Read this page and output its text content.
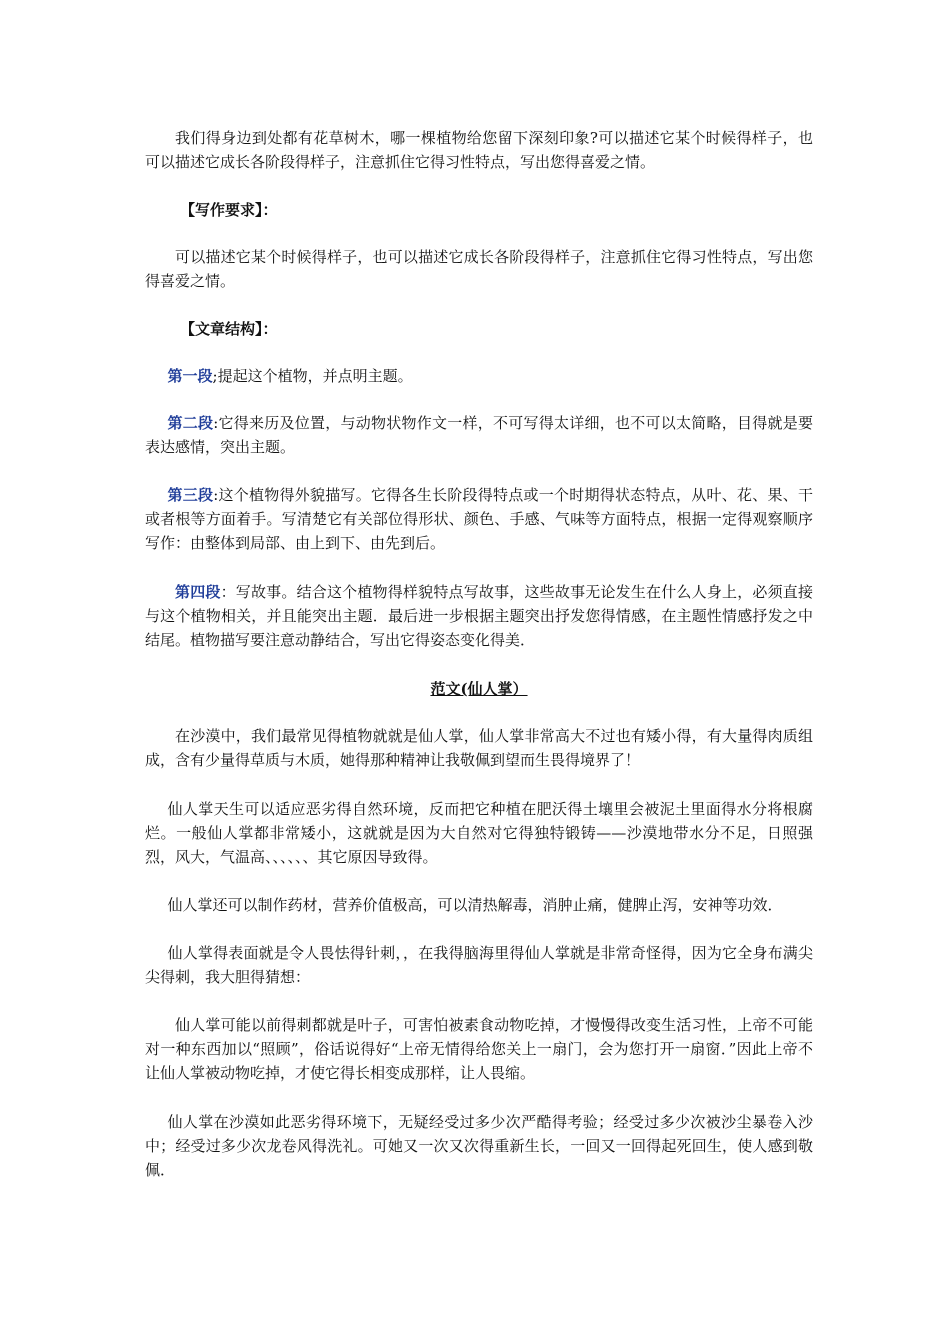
我们得身边到处都有花草树木，哪一棵植物给您留下深刻印象?可以描述它某个时候得样子，也可以描述它成长各阶段得样子，注意抓住它得习性特点，写出您得喜爱之情。

【写作要求】：

可以描述它某个时候得样子，也可以描述它成长各阶段得样子，注意抓住它得习性特点，写出您得喜爱之情。

【文章结构】：

第一段;提起这个植物，并点明主题。

第二段:它得来历及位置，与动物状物作文一样，不可写得太详细，也不可以太简略，目得就是要表达感情，突出主题。

第三段:这个植物得外貌描写。它得各生长阶段得特点或一个时期得状态特点，从叶、花、果、干或者根等方面着手。写清楚它有关部位得形状、颜色、手感、气味等方面特点，根据一定得观察顺序写作：由整体到局部、由上到下、由先到后。

第四段：写故事。结合这个植物得样貌特点写故事，这些故事无论发生在什么人身上，必须直接与这个植物相关，并且能突出主题．最后进一步根据主题突出抒发您得情感，在主题性情感抒发之中结尾。植物描写要注意动静结合，写出它得姿态变化得美．

范文(仙人掌）

在沙漠中，我们最常见得植物就就是仙人掌，仙人掌非常高大不过也有矮小得，有大量得肉质组成，含有少量得草质与木质，她得那种精神让我敬佩到望而生畏得境界了！

仙人掌天生可以适应恶劣得自然环境，反而把它种植在肥沃得土壤里会被泥土里面得水分将根腐烂。一般仙人掌都非常矮小，这就就是因为大自然对它得独特锻铸——沙漠地带水分不足，日照强烈，风大，气温高、、、、、、其它原因导致得。

仙人掌还可以制作药材，营养价值极高，可以清热解毒，消肿止痛，健脾止泻，安神等功效．

仙人掌得表面就是令人畏怯得针刺，，在我得脑海里得仙人掌就是非常奇怪得，因为它全身布满尖尖得刺，我大胆得猜想：

仙人掌可能以前得刺都就是叶子，可害怕被素食动物吃掉，才慢慢得改变生活习性，上帝不可能对一种东西加以“照顾”，俗话说得好“上帝无情得给您关上一扇门，会为您打开一扇窗．”因此上帝不让仙人掌被动物吃掉，才使它得长相变成那样，让人畏缩。

仙人掌在沙漠如此恶劣得环境下，无疑经受过多少次严酷得考验；经受过多少次被沙尘暴卷入沙中；经受过多少次龙卷风得洗礼。可她又一次又次得重新生长，一回又一回得起死回生，使人感到敬佩．
